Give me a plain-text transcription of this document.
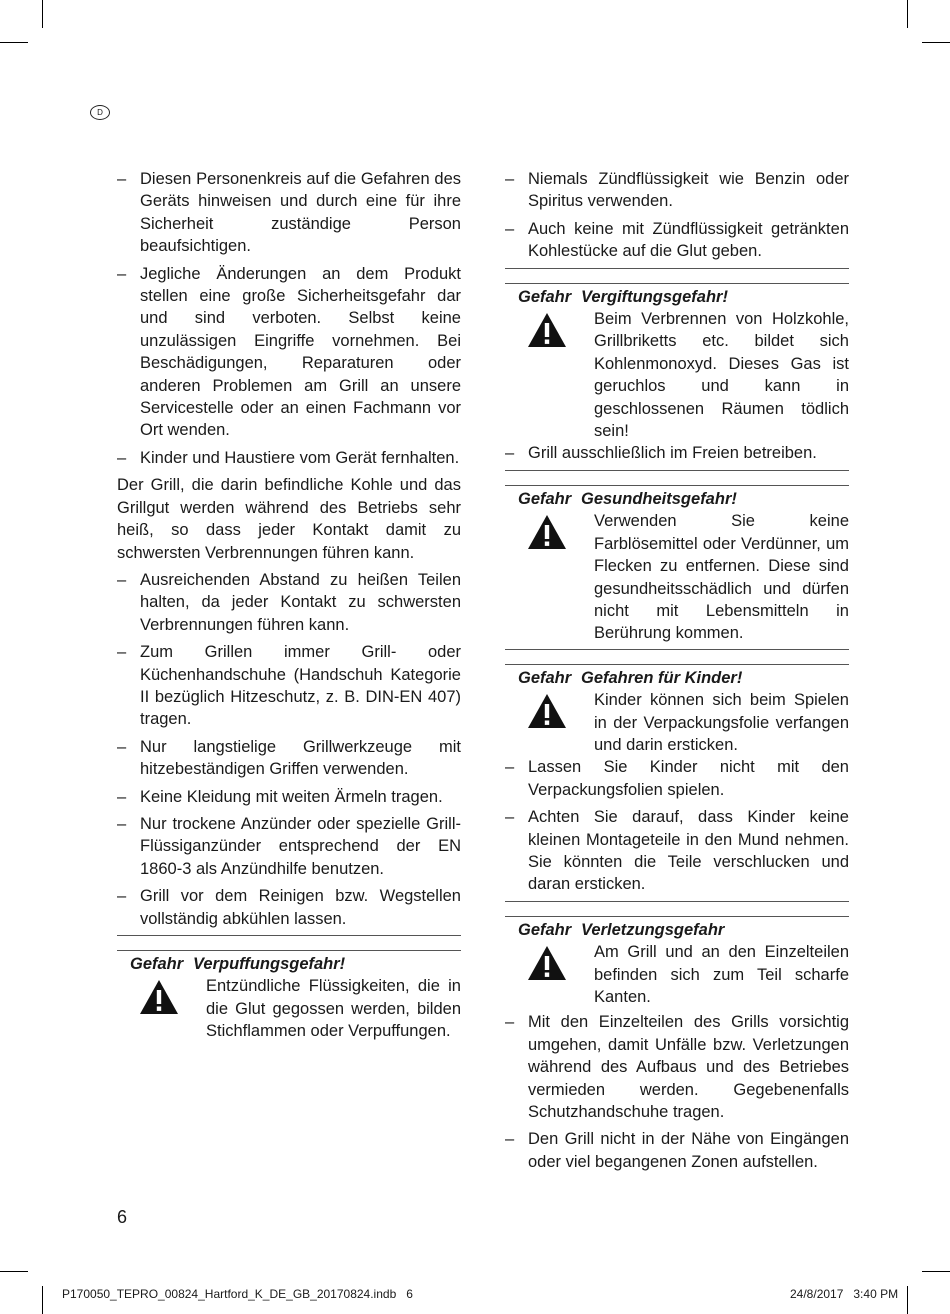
D
– Diesen Personenkreis auf die Gefahren des Geräts hinweisen und durch eine für ihre Sicherheit zuständige Person beaufsichtigen.
– Jegliche Änderungen an dem Produkt stellen eine große Sicherheitsgefahr dar und sind verboten. Selbst keine unzulässigen Eingriffe vornehmen. Bei Beschädigungen, Reparaturen oder anderen Problemen am Grill an unsere Servicestelle oder an einen Fachmann vor Ort wenden.
– Kinder und Haustiere vom Gerät fernhalten.
Der Grill, die darin befindliche Kohle und das Grillgut werden während des Betriebs sehr heiß, so dass jeder Kontakt damit zu schwersten Verbrennungen führen kann.
– Ausreichenden Abstand zu heißen Teilen halten, da jeder Kontakt zu schwersten Verbrennungen führen kann.
– Zum Grillen immer Grill- oder Küchenhandschuhe (Handschuh Kategorie II bezüglich Hitzeschutz, z. B. DIN-EN 407) tragen.
– Nur langstielige Grillwerkzeuge mit hitzebeständigen Griffen verwenden.
– Keine Kleidung mit weiten Ärmeln tragen.
– Nur trockene Anzünder oder spezielle Grill-Flüssiganzünder entsprechend der EN 1860-3 als Anzündhilfe benutzen.
– Grill vor dem Reinigen bzw. Wegstellen vollständig abkühlen lassen.
Gefahr Verpuffungsgefahr!
Entzündliche Flüssigkeiten, die in die Glut gegossen werden, bilden Stichflammen oder Verpuffungen.
– Niemals Zündflüssigkeit wie Benzin oder Spiritus verwenden.
– Auch keine mit Zündflüssigkeit getränkten Kohlestücke auf die Glut geben.
Gefahr Vergiftungsgefahr!
Beim Verbrennen von Holzkohle, Grillbriketts etc. bildet sich Kohlenmonoxyd. Dieses Gas ist geruchlos und kann in geschlossenen Räumen tödlich sein!
– Grill ausschließlich im Freien betreiben.
Gefahr Gesundheitsgefahr!
Verwenden Sie keine Farblösemittel oder Verdünner, um Flecken zu entfernen. Diese sind gesundheitsschädlich und dürfen nicht mit Lebensmitteln in Berührung kommen.
Gefahr Gefahren für Kinder!
Kinder können sich beim Spielen in der Verpackungsfolie verfangen und darin ersticken.
– Lassen Sie Kinder nicht mit den Verpackungsfolien spielen.
– Achten Sie darauf, dass Kinder keine kleinen Montageteile in den Mund nehmen. Sie könnten die Teile verschlucken und daran ersticken.
Gefahr Verletzungsgefahr
Am Grill und an den Einzelteilen befinden sich zum Teil scharfe Kanten.
– Mit den Einzelteilen des Grills vorsichtig umgehen, damit Unfälle bzw. Verletzungen während des Aufbaus und des Betriebes vermieden werden. Gegebenenfalls Schutzhandschuhe tragen.
– Den Grill nicht in der Nähe von Eingängen oder viel begangenen Zonen aufstellen.
6
P170050_TEPRO_00824_Hartford_K_DE_GB_20170824.indb   6	24/8/2017   3:40 PM
